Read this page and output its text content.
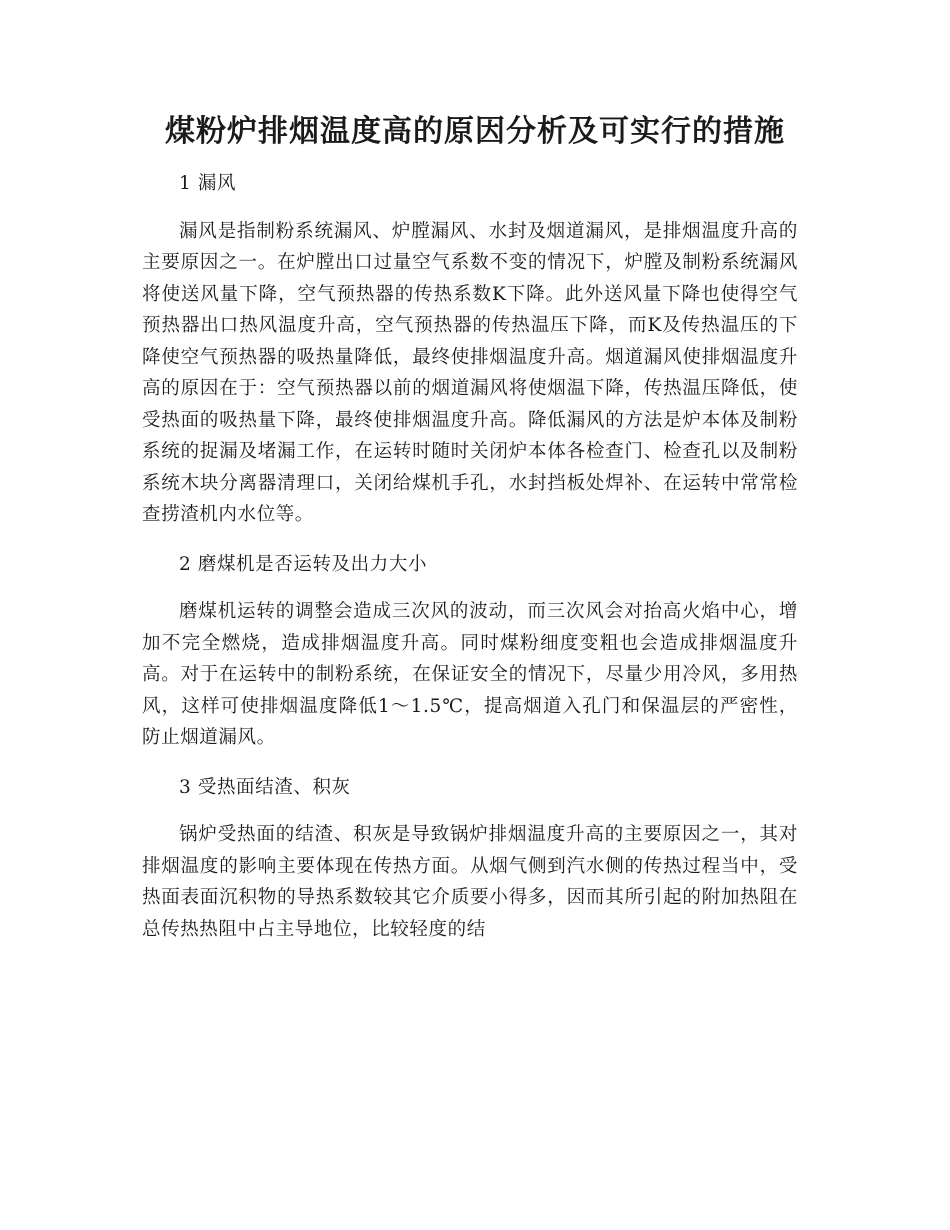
煤粉炉排烟温度高的原因分析及可实行的措施

1 漏风

漏风是指制粉系统漏风、炉膛漏风、水封及烟道漏风，是排烟温度升高的主要原因之一。在炉膛出口过量空气系数不变的情况下，炉膛及制粉系统漏风将使送风量下降，空气预热器的传热系数K下降。此外送风量下降也使得空气预热器出口热风温度升高，空气预热器的传热温压下降，而K及传热温压的下降使空气预热器的吸热量降低，最终使排烟温度升高。烟道漏风使排烟温度升高的原因在于：空气预热器以前的烟道漏风将使烟温下降，传热温压降低，使受热面的吸热量下降，最终使排烟温度升高。降低漏风的方法是炉本体及制粉系统的捉漏及堵漏工作，在运转时随时关闭炉本体各检查门、检查孔以及制粉系统木块分离器清理口，关闭给煤机手孔，水封挡板处焊补、在运转中常常检查捞渣机内水位等。

2 磨煤机是否运转及出力大小

磨煤机运转的调整会造成三次风的波动，而三次风会对抬高火焰中心，增加不完全燃烧，造成排烟温度升高。同时煤粉细度变粗也会造成排烟温度升高。对于在运转中的制粉系统，在保证安全的情况下，尽量少用冷风，多用热风，这样可使排烟温度降低1～1.5℃，提高烟道入孔门和保温层的严密性，防止烟道漏风。

3 受热面结渣、积灰

锅炉受热面的结渣、积灰是导致锅炉排烟温度升高的主要原因之一，其对排烟温度的影响主要体现在传热方面。从烟气侧到汽水侧的传热过程当中，受热面表面沉积物的导热系数较其它介质要小得多，因而其所引起的附加热阻在总传热热阻中占主导地位，比较轻度的结
